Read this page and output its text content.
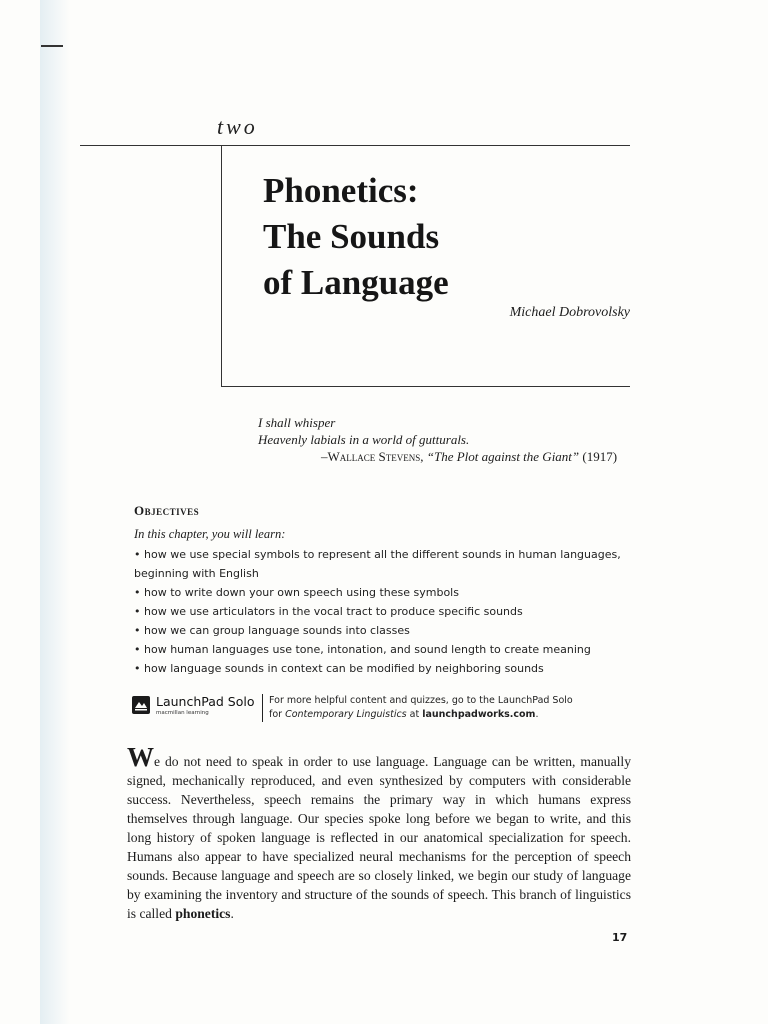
two
Phonetics:
The Sounds
of Language
Michael Dobrovolsky
I shall whisper
Heavenly labials in a world of gutturals.
–Wallace Stevens, “The Plot against the Giant” (1917)
Objectives
In this chapter, you will learn:
• how we use special symbols to represent all the different sounds in human languages,
beginning with English
• how to write down your own speech using these symbols
• how we use articulators in the vocal tract to produce specific sounds
• how we can group language sounds into classes
• how human languages use tone, intonation, and sound length to create meaning
• how language sounds in context can be modified by neighboring sounds
LaunchPad Solo
macmillan learning
For more helpful content and quizzes, go to the LaunchPad Solo
for Contemporary Linguistics at launchpadworks.com.

We do not need to speak in order to use language. Language can be written, manually signed, mechanically reproduced, and even synthesized by computers with considerable success. Nevertheless, speech remains the primary way in which humans express themselves through language. Our species spoke long before we began to write, and this long history of spoken language is reflected in our anatomical specialization for speech. Humans also appear to have specialized neural mechanisms for the perception of speech sounds. Because language and speech are so closely linked, we begin our study of language by examining the inventory and structure of the sounds of speech. This branch of linguistics is called phonetics.

17
